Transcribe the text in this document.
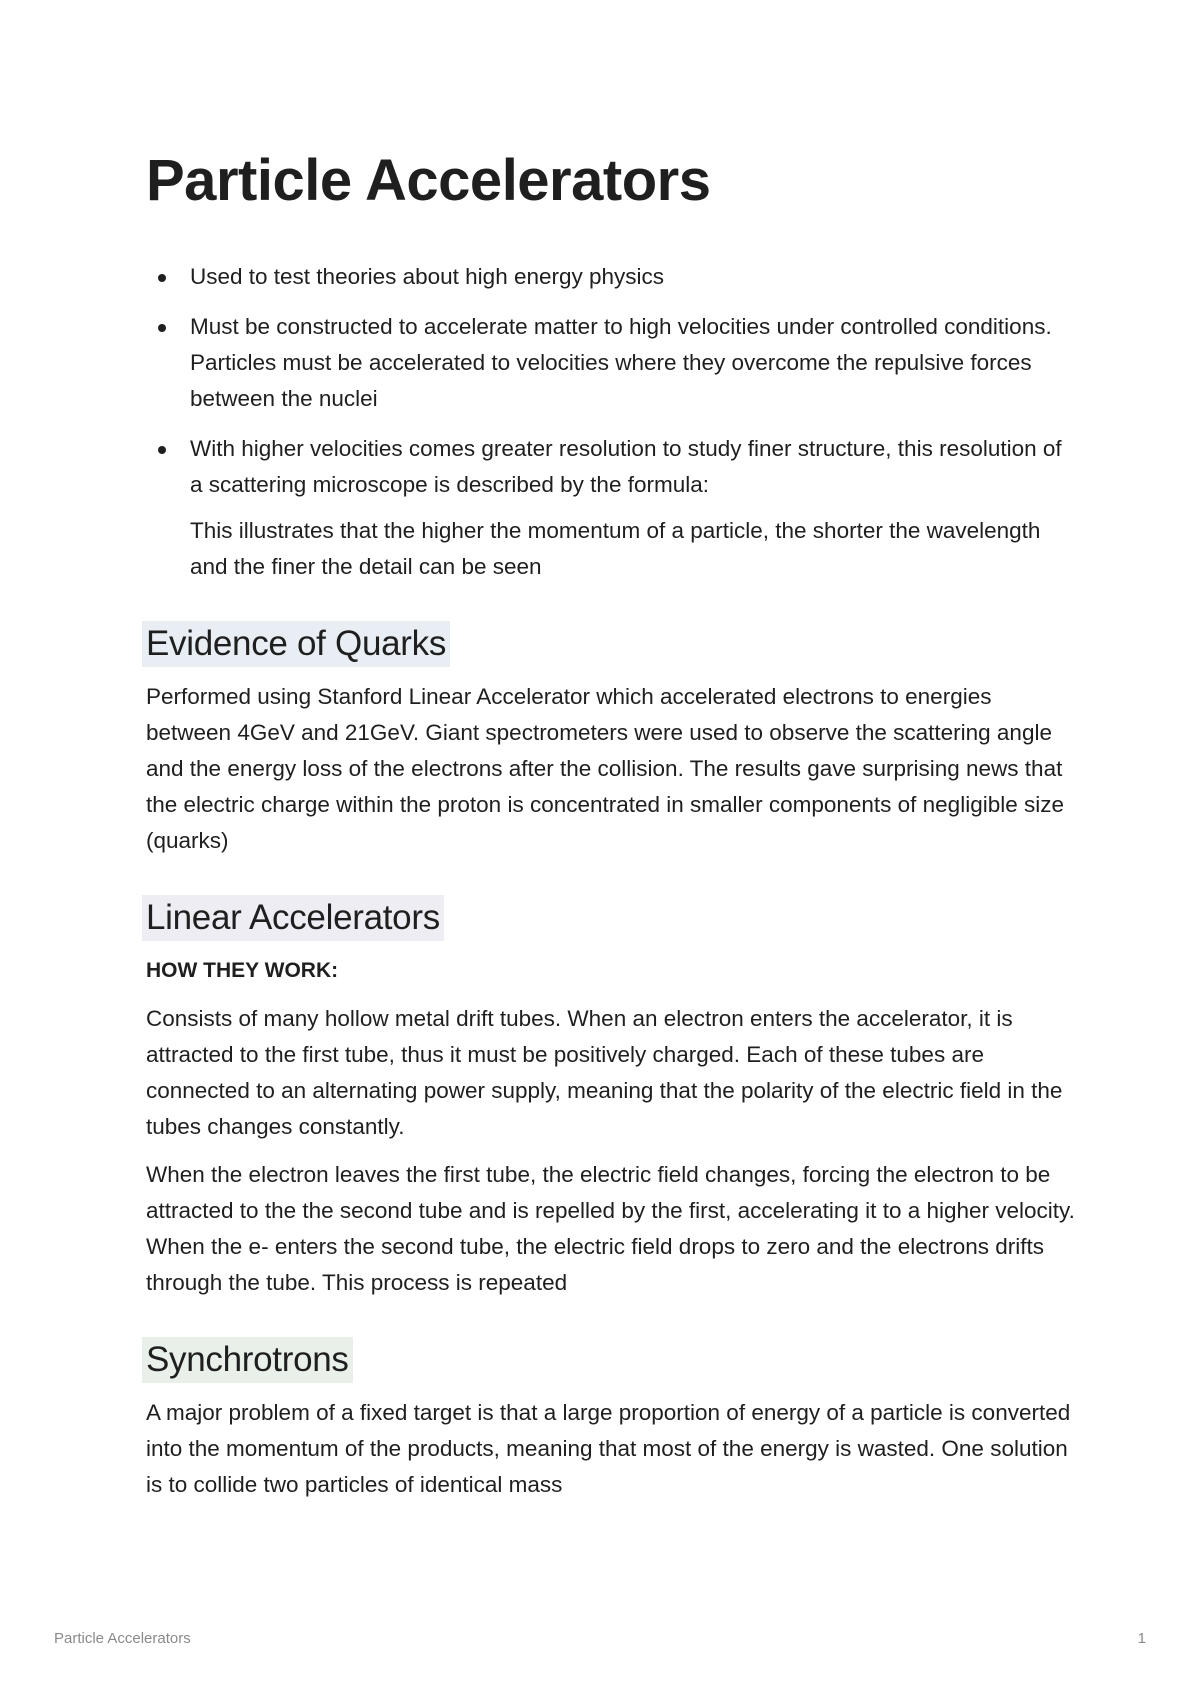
Particle Accelerators
Used to test theories about high energy physics
Must be constructed to accelerate matter to high velocities under controlled conditions. Particles must be accelerated to velocities where they overcome the repulsive forces between the nuclei
With higher velocities comes greater resolution to study finer structure, this resolution of a scattering microscope is described by the formula:

This illustrates that the higher the momentum of a particle, the shorter the wavelength and the finer the detail can be seen

Evidence of Quarks

Performed using Stanford Linear Accelerator which accelerated electrons to energies between 4GeV and 21GeV. Giant spectrometers were used to observe the scattering angle and the energy loss of the electrons after the collision. The results gave surprising news that the electric charge within the proton is concentrated in smaller components of negligible size (quarks)

Linear Accelerators
HOW THEY WORK:

Consists of many hollow metal drift tubes. When an electron enters the accelerator, it is attracted to the first tube, thus it must be positively charged. Each of these tubes are connected to an alternating power supply, meaning that the polarity of the electric field in the tubes changes constantly.

When the electron leaves the first tube, the electric field changes, forcing the electron to be attracted to the the second tube and is repelled by the first, accelerating it to a higher velocity. When the e- enters the second tube, the electric field drops to zero and the electrons drifts through the tube. This process is repeated

Synchrotrons

A major problem of a fixed target is that a large proportion of energy of a particle is converted into the momentum of the products, meaning that most of the energy is wasted. One solution is to collide two particles of identical mass

Particle Accelerators	1
